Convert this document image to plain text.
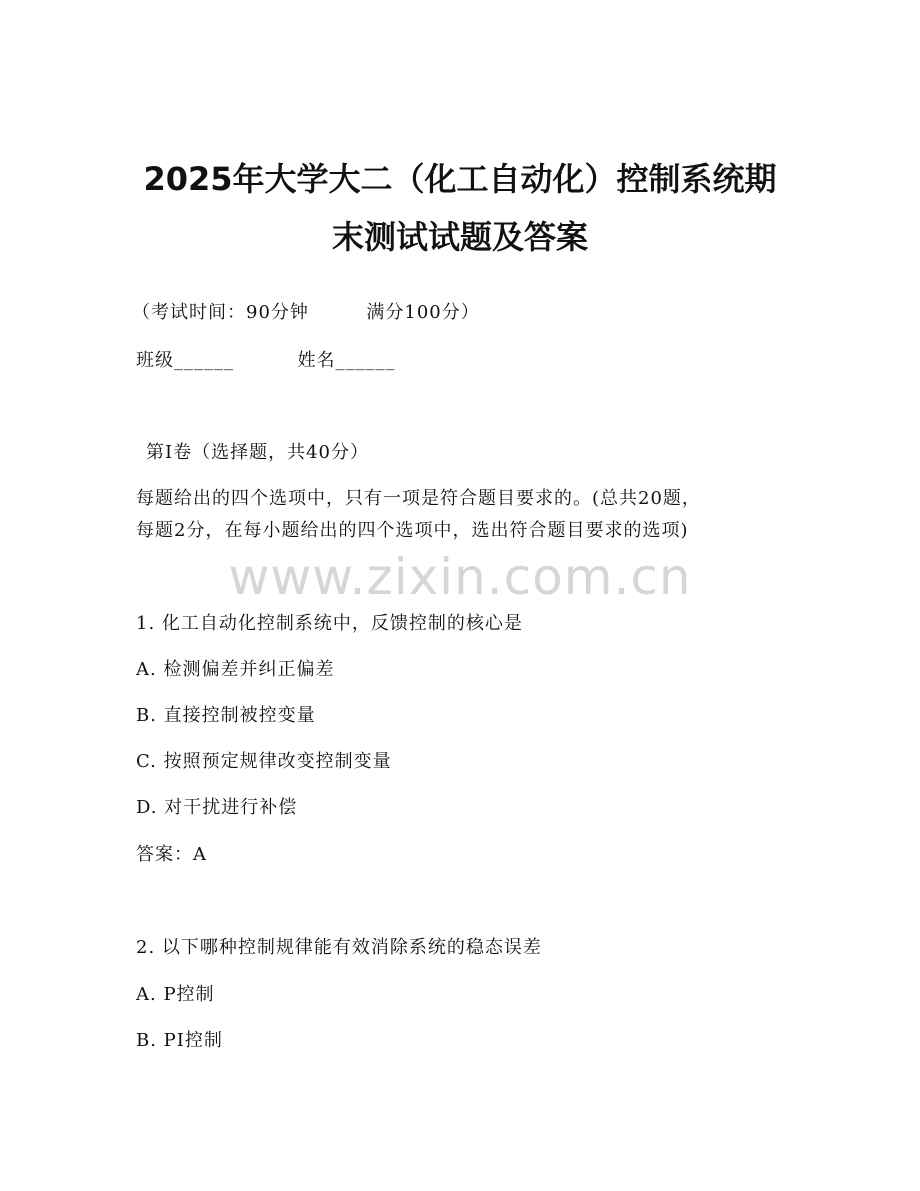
2025年大学大二（化工自动化）控制系统期
末测试试题及答案
（考试时间：90分钟	满分100分）
班级______	姓名______
第Ⅰ卷（选择题，共40分）
每题给出的四个选项中，只有一项是符合题目要求的。(总共20题，
每题2分，在每小题给出的四个选项中，选出符合题目要求的选项)
www.zixin.com.cn
1. 化工自动化控制系统中，反馈控制的核心是
A. 检测偏差并纠正偏差
B. 直接控制被控变量
C. 按照预定规律改变控制变量
D. 对干扰进行补偿
答案：A
2. 以下哪种控制规律能有效消除系统的稳态误差
A. P控制
B. PI控制
